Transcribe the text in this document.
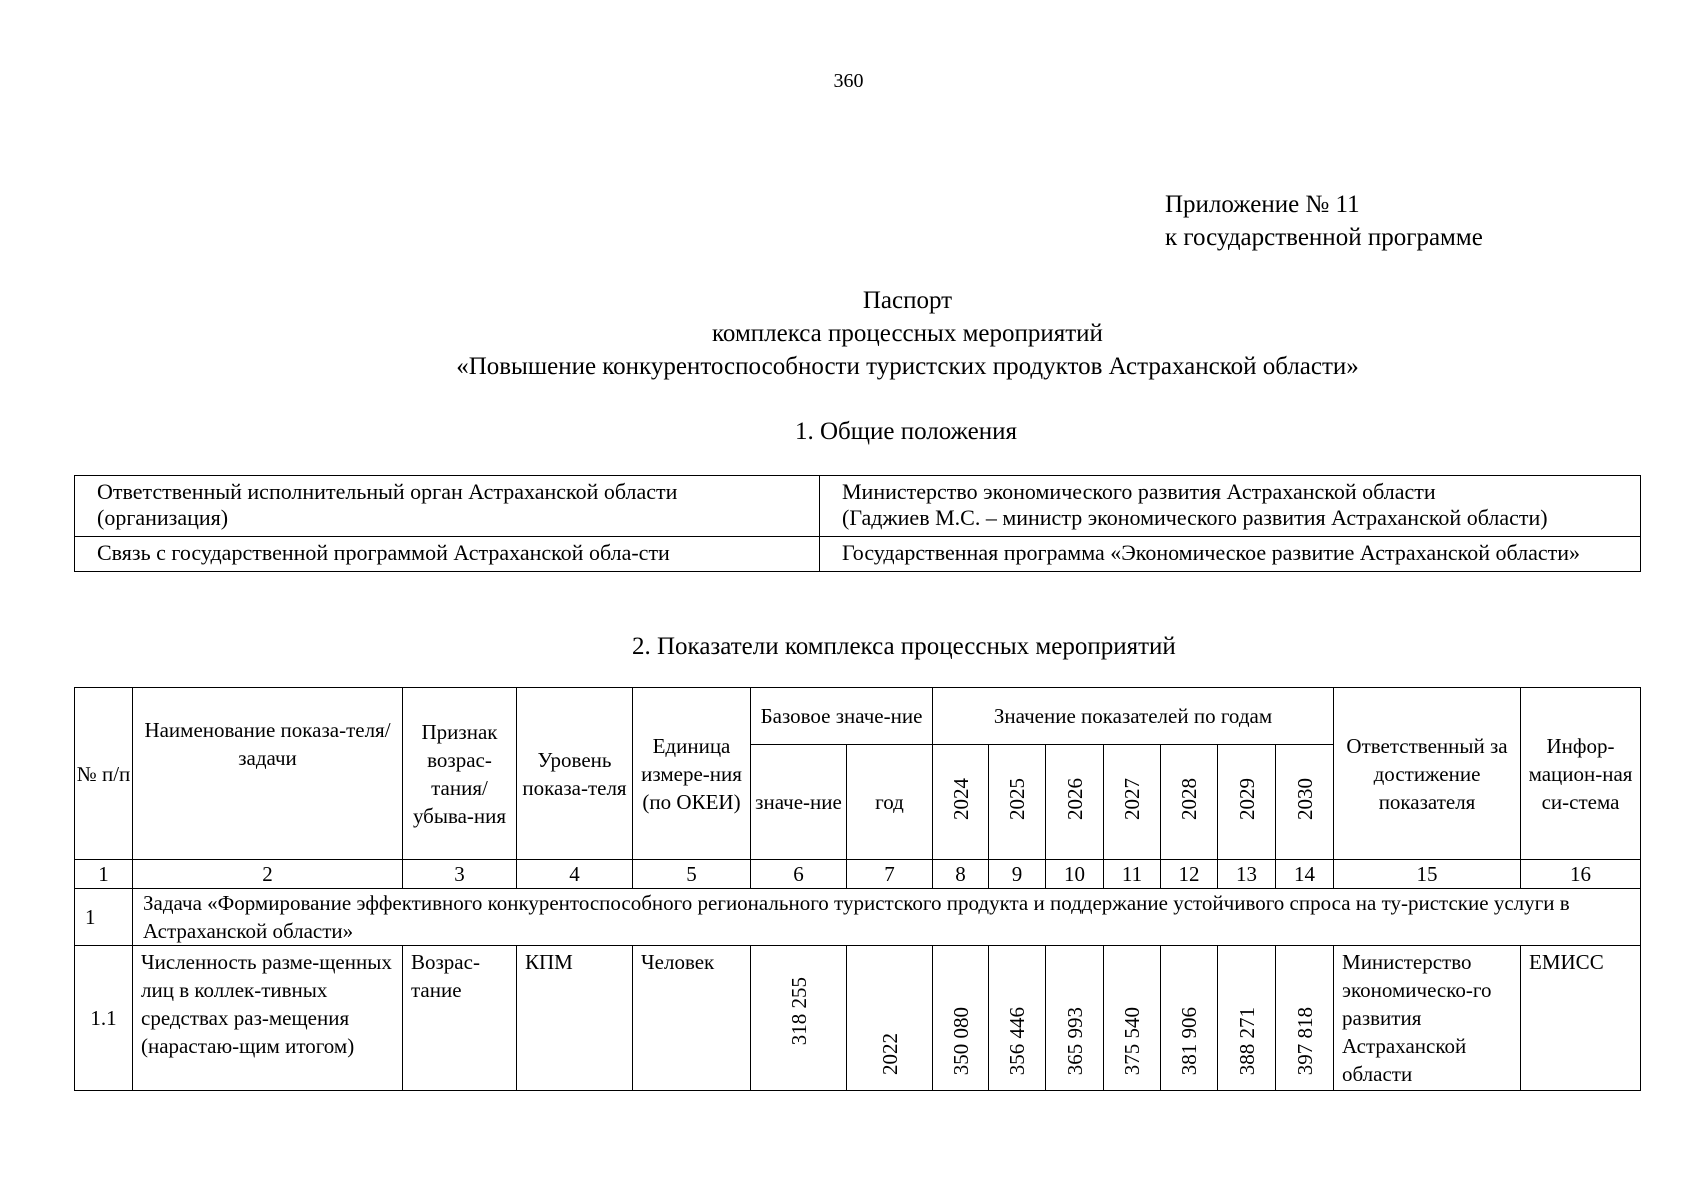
360
Приложение № 11
к государственной программе
Паспорт
комплекса процессных мероприятий
«Повышение конкурентоспособности туристских продуктов Астраханской области»
1. Общие положения
Ответственный исполнительный орган Астраханской области (организация)	Министерство экономического развития Астраханской области
(Гаджиев М.С. – министр экономического развития Астраханской области)

Связь с государственной программой Астраханской обла-сти	Государственная программа «Экономическое развитие Астраханской области»
2. Показатели комплекса процессных мероприятий
№ п/п	Наименование показа-теля/задачи	Признак возрас-тания/ убыва-ния	Уровень показа-теля	Единица измере-ния (по ОКЕИ)	Базовое значе-ние		Значение показателей по годам							Ответственный за достижение показателя	Инфор-мацион-ная си-стема
					значе-ние	год	2024	2025	2026	2027	2028	2029	2030		
1	2	3	4	5	6	7	8	9	10	11	12	13	14	15	16
1	Задача «Формирование эффективного конкурентоспособного регионального туристского продукта и поддержание устойчивого спроса на ту-ристские услуги в Астраханской области»														
1.1	Численность разме-щенных лиц в коллек-тивных средствах раз-мещения (нарастаю-щим итогом)	Возрас-тание	КПМ	Человек	318 255	2022	350 080	356 446	365 993	375 540	381 906	388 271	397 818	Министерство экономическо-го развития Астраханской области	ЕМИСС
